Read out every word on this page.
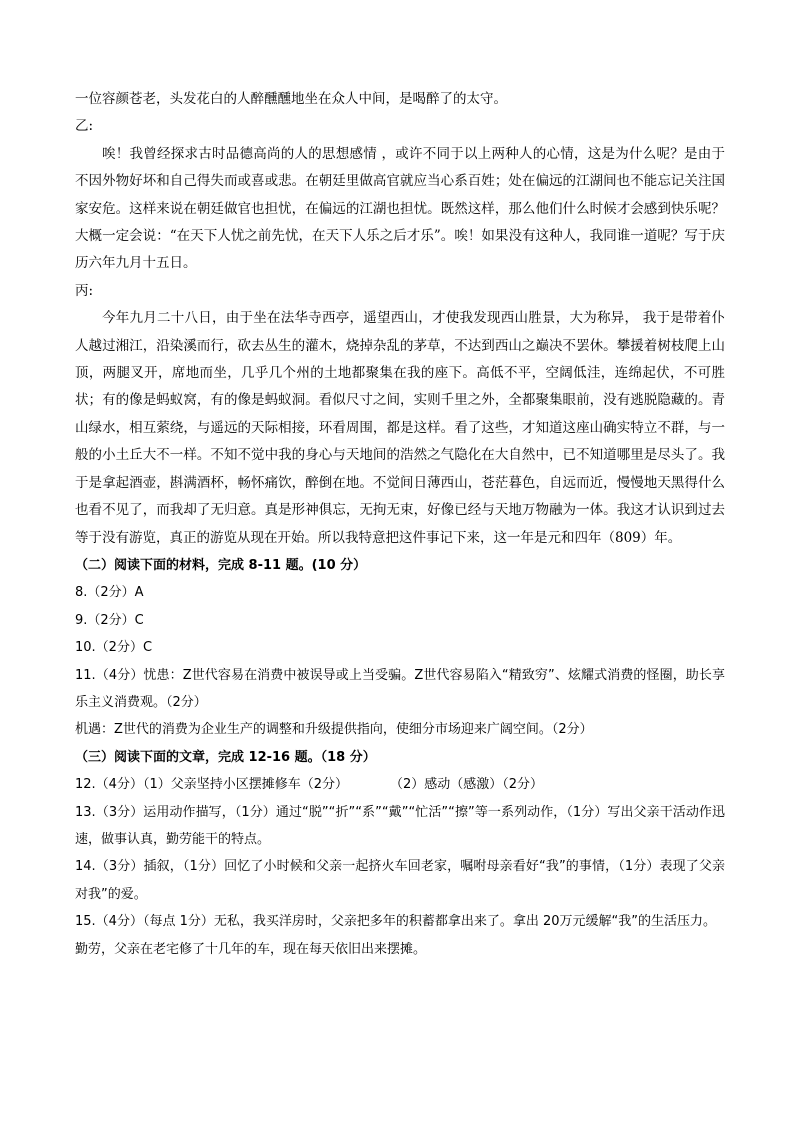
一位容颜苍老，头发花白的人醉醺醺地坐在众人中间，是喝醉了的太守。
乙:
唉！我曾经探求古时品德高尚的人的思想感情 ，或许不同于以上两种人的心情，这是为什么呢？是由于不因外物好坏和自己得失而或喜或悲。在朝廷里做高官就应当心系百姓；处在偏远的江湖间也不能忘记关注国家安危。这样来说在朝廷做官也担忧，在偏远的江湖也担忧。既然这样，那么他们什么时候才会感到快乐呢？大概一定会说：“在天下人忧之前先忧，在天下人乐之后才乐”。唉！如果没有这种人，我同谁一道呢？写于庆历六年九月十五日。
丙:
今年九月二十八日，由于坐在法华寺西亭，遥望西山，才使我发现西山胜景，大为称异， 我于是带着仆人越过湘江，沿染溪而行，砍去丛生的灌木，烧掉杂乱的茅草，不达到西山之巅决不罢休。攀援着树枝爬上山顶，两腿叉开，席地而坐，几乎几个州的土地都聚集在我的座下。高低不平，空阔低洼，连绵起伏，不可胜状；有的像是蚂蚁窝，有的像是蚂蚁洞。看似尺寸之间，实则千里之外，全都聚集眼前，没有逃脱隐藏的。青山绿水，相互萦绕，与遥远的天际相接，环看周围，都是这样。看了这些，才知道这座山确实特立不群，与一般的小土丘大不一样。不知不觉中我的身心与天地间的浩然之气隐化在大自然中，已不知道哪里是尽头了。我于是拿起酒壶，斟满酒杯，畅怀痛饮，醉倒在地。不觉间日薄西山，苍茫暮色，自远而近，慢慢地天黑得什么也看不见了，而我却了无归意。真是形神俱忘，无拘无束，好像已经与天地万物融为一体。我这才认识到过去等于没有游览，真正的游览从现在开始。所以我特意把这件事记下来，这一年是元和四年（809）年。
（二）阅读下面的材料，完成 8-11 题。(10 分）
8.（2分）A
9.（2分）C
10.（2分）C
11.（4分）忧患：Z世代容易在消费中被误导或上当受骗。Z世代容易陷入“精致穷”、炫耀式消费的怪圈，助长享乐主义消费观。（2分）
机遇：Z世代的消费为企业生产的调整和升级提供指向，使细分市场迎来广阔空间。（2分）
（三）阅读下面的文章，完成 12-16 题。（18 分）
12.（4分）（1）父亲坚持小区摆摊修车（2分）	（2）感动（感激）（2分）
13.（3分）运用动作描写，（1分）通过“脱”“折”“系”“戴”“忙活”“擦”等一系列动作，（1分）写出父亲干活动作迅速，做事认真，勤劳能干的特点。
14.（3分）插叙，（1分）回忆了小时候和父亲一起挤火车回老家，嘱咐母亲看好“我”的事情，（1分）表现了父亲对我”的爱。
15.（4分）（每点 1分）无私，我买洋房时，父亲把多年的积蓄都拿出来了。拿出 20万元缓解“我”的生活压力。
勤劳，父亲在老宅修了十几年的车，现在每天依旧出来摆摊。
